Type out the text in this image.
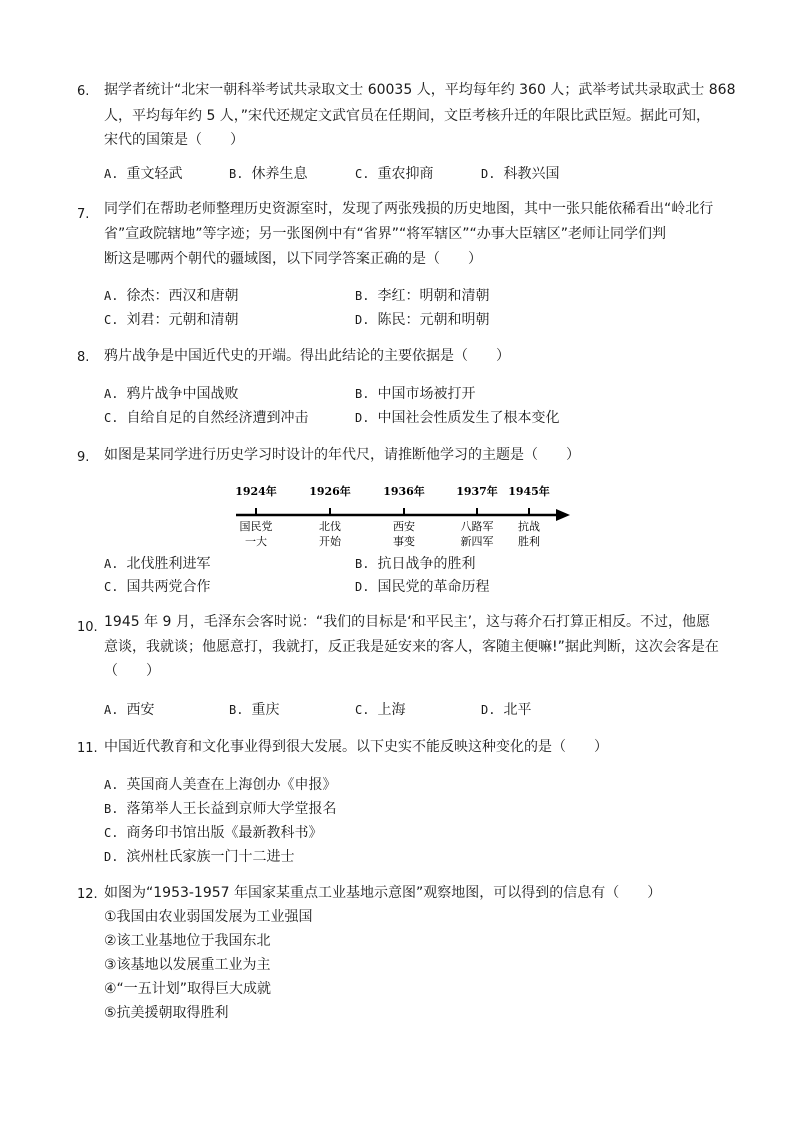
6. 据学者统计“北宋一朝科举考试共录取文士 60035 人，平均每年约 360 人；武举考试共录取武士 868
人，平均每年约 5 人，”宋代还规定文武官员在任期间，文臣考核升迁的年限比武臣短。据此可知，
宋代的国策是（　　）
A. 重文轻武	B. 休养生息	C. 重农抑商	D. 科教兴国
7. 同学们在帮助老师整理历史资源室时，发现了两张残损的历史地图，其中一张只能依稀看出“岭北行
省”宣政院辖地”等字迹；另一张图例中有“省界”“将军辖区”“办事大臣辖区”老师让同学们判
断这是哪两个朝代的疆域图，以下同学答案正确的是（　　）
A. 徐杰：西汉和唐朝	B. 李红：明朝和清朝
C. 刘君：元朝和清朝	D. 陈民：元朝和明朝
8. 鸦片战争是中国近代史的开端。得出此结论的主要依据是（　　）
A. 鸦片战争中国战败	B. 中国市场被打开
C. 自给自足的自然经济遭到冲击	D. 中国社会性质发生了根本变化
9. 如图是某同学进行历史学习时设计的年代尺，请推断他学习的主题是（　　）
1924年
国民党
一大
1926年
北伐
开始
1936年
西安
事变
1937年
八路军
新四军
1945年
抗战
胜利
A. 北伐胜利进军	B. 抗日战争的胜利
C. 国共两党合作	D. 国民党的革命历程
10. 1945 年 9 月，毛泽东会客时说：“我们的目标是‘和平民主’，这与蒋介石打算正相反。不过，他愿
意谈，我就谈；他愿意打，我就打，反正我是延安来的客人，客随主便嘛!”据此判断，这次会客是在
（　　）
A. 西安	B. 重庆	C. 上海	D. 北平
11. 中国近代教育和文化事业得到很大发展。以下史实不能反映这种变化的是（　　）
A. 英国商人美查在上海创办《申报》
B. 落第举人王长益到京师大学堂报名
C. 商务印书馆出版《最新教科书》
D. 滨州杜氏家族一门十二进士
12. 如图为“1953-1957 年国家某重点工业基地示意图”观察地图，可以得到的信息有（　　）
①我国由农业弱国发展为工业强国
②该工业基地位于我国东北
③该基地以发展重工业为主
④“一五计划”取得巨大成就
⑤抗美援朝取得胜利
